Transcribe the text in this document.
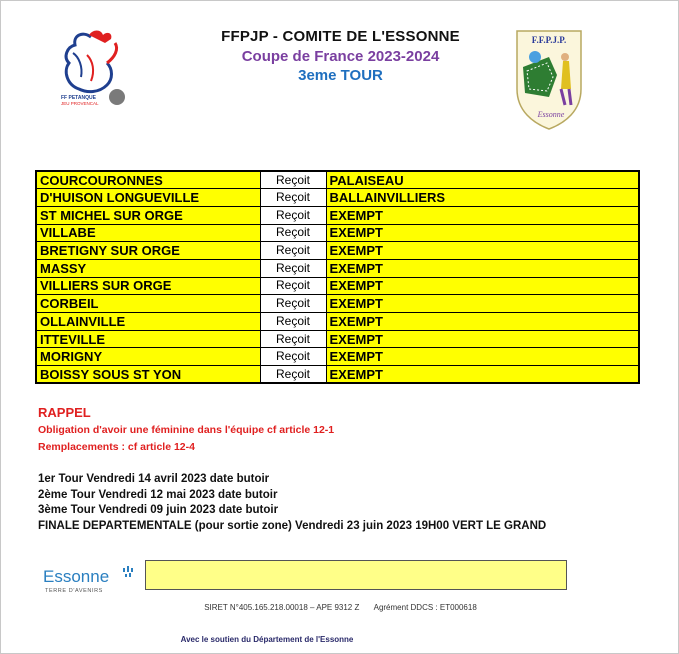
FF PETANQUE
JEU PROVENCAL
FFPJP - COMITE DE L'ESSONNE
Coupe de France 2023-2024
3eme TOUR
F.F.P.J.P.
Essonne
COURCOURONNES	Reçoit	PALAISEAU
D'HUISON LONGUEVILLE	Reçoit	BALLAINVILLIERS
ST MICHEL SUR ORGE	Reçoit	EXEMPT
VILLABE	Reçoit	EXEMPT
BRETIGNY SUR ORGE	Reçoit	EXEMPT
MASSY	Reçoit	EXEMPT
VILLIERS SUR ORGE	Reçoit	EXEMPT
CORBEIL	Reçoit	EXEMPT
OLLAINVILLE	Reçoit	EXEMPT
ITTEVILLE	Reçoit	EXEMPT
MORIGNY	Reçoit	EXEMPT
BOISSY SOUS ST YON	Reçoit	EXEMPT
RAPPEL
Obligation d'avoir une féminine dans l'équipe cf article 12-1
Remplacements : cf article 12-4
1er Tour Vendredi 14 avril 2023 date butoir
2ème Tour Vendredi 12 mai 2023 date butoir
3ème Tour Vendredi 09 juin 2023 date butoir
FINALE DEPARTEMENTALE (pour sortie zone) Vendredi 23 juin 2023 19H00 VERT LE GRAND
Essonne
TERRE D'AVENIRS
SIRET N°405.165.218.00018 – APE 9312 Z Agrément DDCS : ET000618
Avec le soutien du Département de l'Essonne
